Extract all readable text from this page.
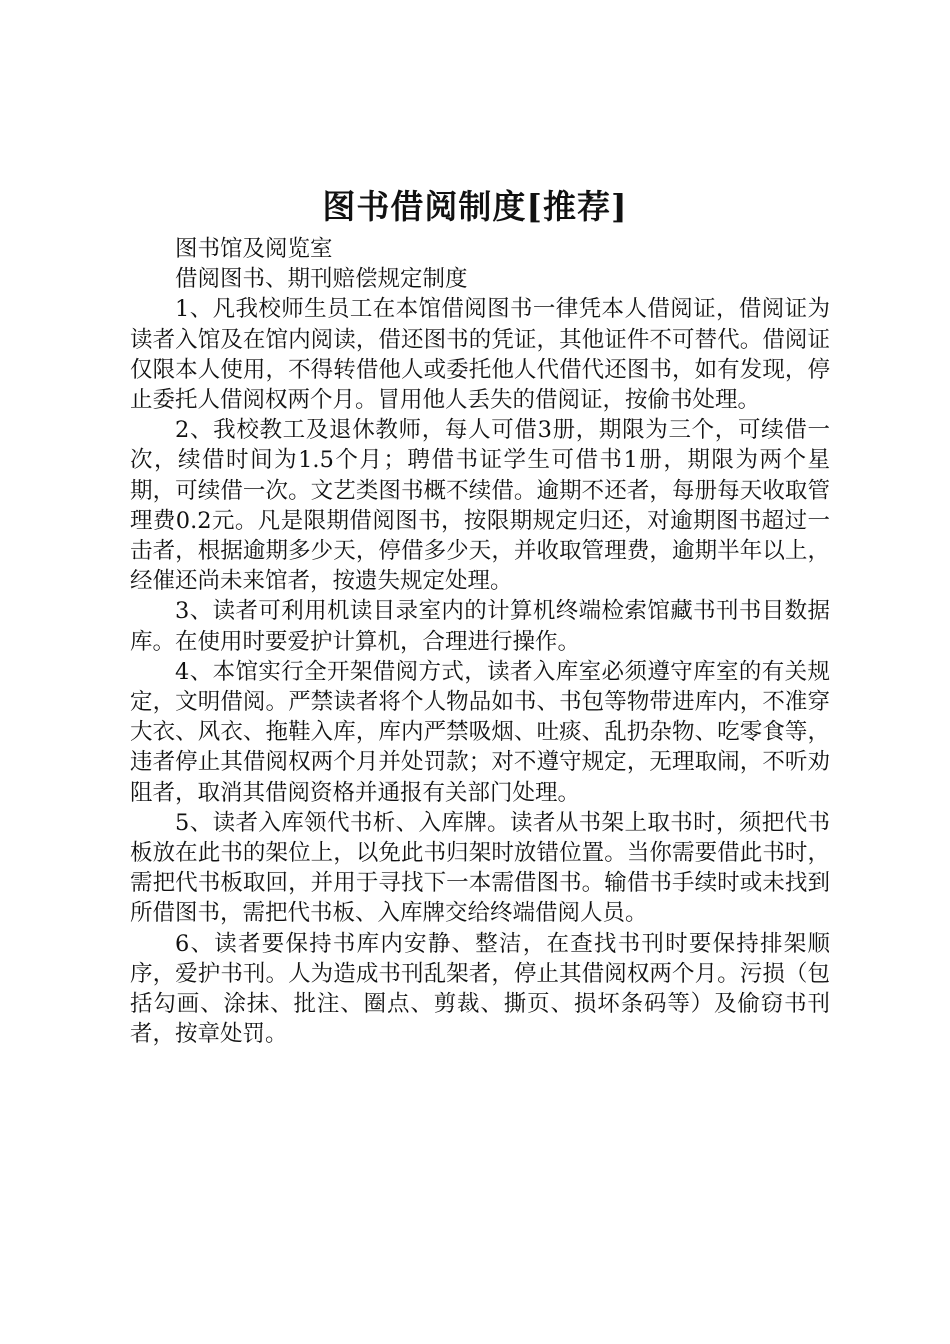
图书借阅制度[推荐]

图书馆及阅览室

借阅图书、期刊赔偿规定制度

1、凡我校师生员工在本馆借阅图书一律凭本人借阅证，借阅证为读者入馆及在馆内阅读，借还图书的凭证，其他证件不可替代。借阅证仅限本人使用，不得转借他人或委托他人代借代还图书，如有发现，停止委托人借阅权两个月。冒用他人丢失的借阅证，按偷书处理。

2、我校教工及退休教师，每人可借3册，期限为三个，可续借一次，续借时间为1.5个月；聘借书证学生可借书1册，期限为两个星期，可续借一次。文艺类图书概不续借。逾期不还者，每册每天收取管理费0.2元。凡是限期借阅图书，按限期规定归还，对逾期图书超过一击者，根据逾期多少天，停借多少天，并收取管理费，逾期半年以上，经催还尚未来馆者，按遗失规定处理。

3、读者可利用机读目录室内的计算机终端检索馆藏书刊书目数据库。在使用时要爱护计算机，合理进行操作。

4、本馆实行全开架借阅方式，读者入库室必须遵守库室的有关规定，文明借阅。严禁读者将个人物品如书、书包等物带进库内，不准穿大衣、风衣、拖鞋入库，库内严禁吸烟、吐痰、乱扔杂物、吃零食等，违者停止其借阅权两个月并处罚款；对不遵守规定，无理取闹，不听劝阻者，取消其借阅资格并通报有关部门处理。

5、读者入库领代书析、入库牌。读者从书架上取书时，须把代书板放在此书的架位上，以免此书归架时放错位置。当你需要借此书时，需把代书板取回，并用于寻找下一本需借图书。输借书手续时或未找到所借图书，需把代书板、入库牌交给终端借阅人员。

6、读者要保持书库内安静、整洁，在查找书刊时要保持排架顺序，爱护书刊。人为造成书刊乱架者，停止其借阅权两个月。污损（包括勾画、涂抹、批注、圈点、剪裁、撕页、损坏条码等）及偷窃书刊者，按章处罚。
